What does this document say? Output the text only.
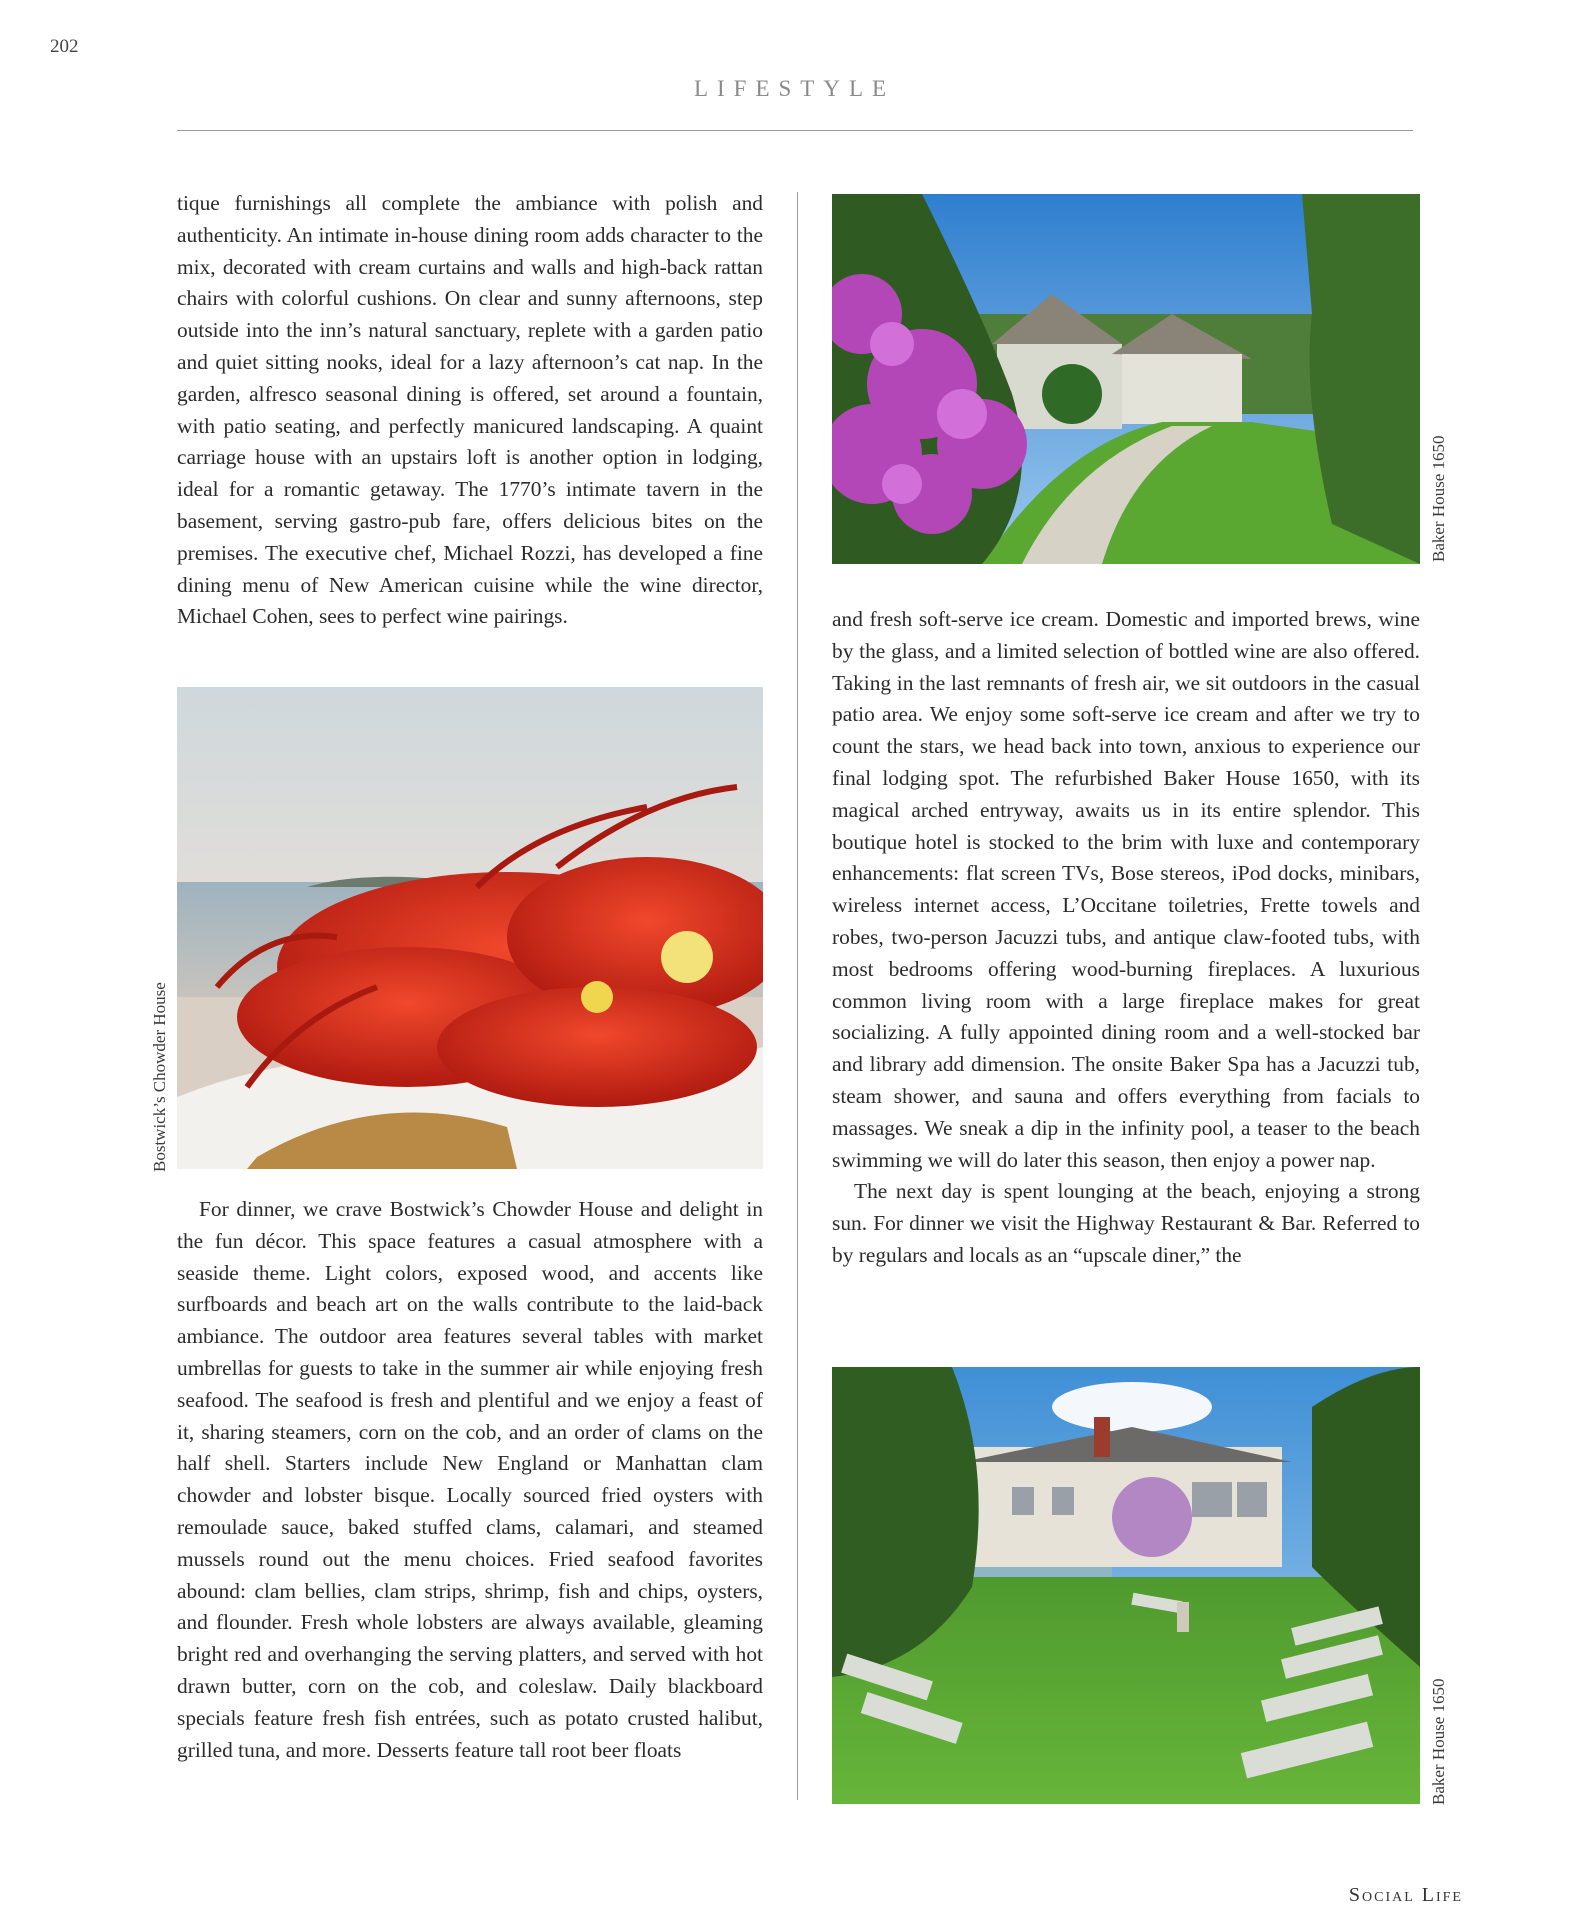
202
LIFESTYLE

tique furnishings all complete the ambiance with polish and authenticity. An intimate in-house dining room adds character to the mix, decorated with cream curtains and walls and high-back rattan chairs with colorful cushions. On clear and sunny afternoons, step outside into the inn’s natural sanctuary, replete with a garden patio and quiet sitting nooks, ideal for a lazy afternoon’s cat nap. In the garden, alfresco seasonal dining is offered, set around a fountain, with patio seating, and perfectly manicured landscaping. A quaint carriage house with an upstairs loft is another option in lodging, ideal for a romantic getaway. The 1770’s intimate tavern in the basement, serving gastro-pub fare, offers delicious bites on the premises. The executive chef, Michael Rozzi, has developed a fine dining menu of New American cuisine while the wine director, Michael Cohen, sees to perfect wine pairings.

Bostwick’s Chowder House

For dinner, we crave Bostwick’s Chowder House and delight in the fun décor. This space features a casual atmosphere with a seaside theme. Light colors, exposed wood, and accents like surfboards and beach art on the walls contribute to the laid-back ambiance. The outdoor area features several tables with market umbrellas for guests to take in the summer air while enjoying fresh seafood. The seafood is fresh and plentiful and we enjoy a feast of it, sharing steamers, corn on the cob, and an order of clams on the half shell. Starters include New England or Manhattan clam chowder and lobster bisque. Locally sourced fried oysters with remoulade sauce, baked stuffed clams, calamari, and steamed mussels round out the menu choices. Fried seafood favorites abound: clam bellies, clam strips, shrimp, fish and chips, oysters, and flounder. Fresh whole lobsters are always available, gleaming bright red and overhanging the serving platters, and served with hot drawn butter, corn on the cob, and coleslaw. Daily blackboard specials feature fresh fish entrées, such as potato crusted halibut, grilled tuna, and more. Desserts feature tall root beer floats

Baker House 1650

and fresh soft-serve ice cream. Domestic and imported brews, wine by the glass, and a limited selection of bottled wine are also offered. Taking in the last remnants of fresh air, we sit outdoors in the casual patio area. We enjoy some soft-serve ice cream and after we try to count the stars, we head back into town, anxious to experience our final lodging spot. The refurbished Baker House 1650, with its magical arched entryway, awaits us in its entire splendor. This boutique hotel is stocked to the brim with luxe and contemporary enhancements: flat screen TVs, Bose stereos, iPod docks, minibars, wireless internet access, L’Occitane toiletries, Frette towels and robes, two-person Jacuzzi tubs, and antique claw-footed tubs, with most bedrooms offering wood-burning fireplaces. A luxurious common living room with a large fireplace makes for great socializing. A fully appointed dining room and a well-stocked bar and library add dimension. The onsite Baker Spa has a Jacuzzi tub, steam shower, and sauna and offers everything from facials to massages. We sneak a dip in the infinity pool, a teaser to the beach swimming we will do later this season, then enjoy a power nap.

The next day is spent lounging at the beach, enjoying a strong sun. For dinner we visit the Highway Restaurant & Bar. Referred to by regulars and locals as an “upscale diner,” the

Baker House 1650
Social Life
